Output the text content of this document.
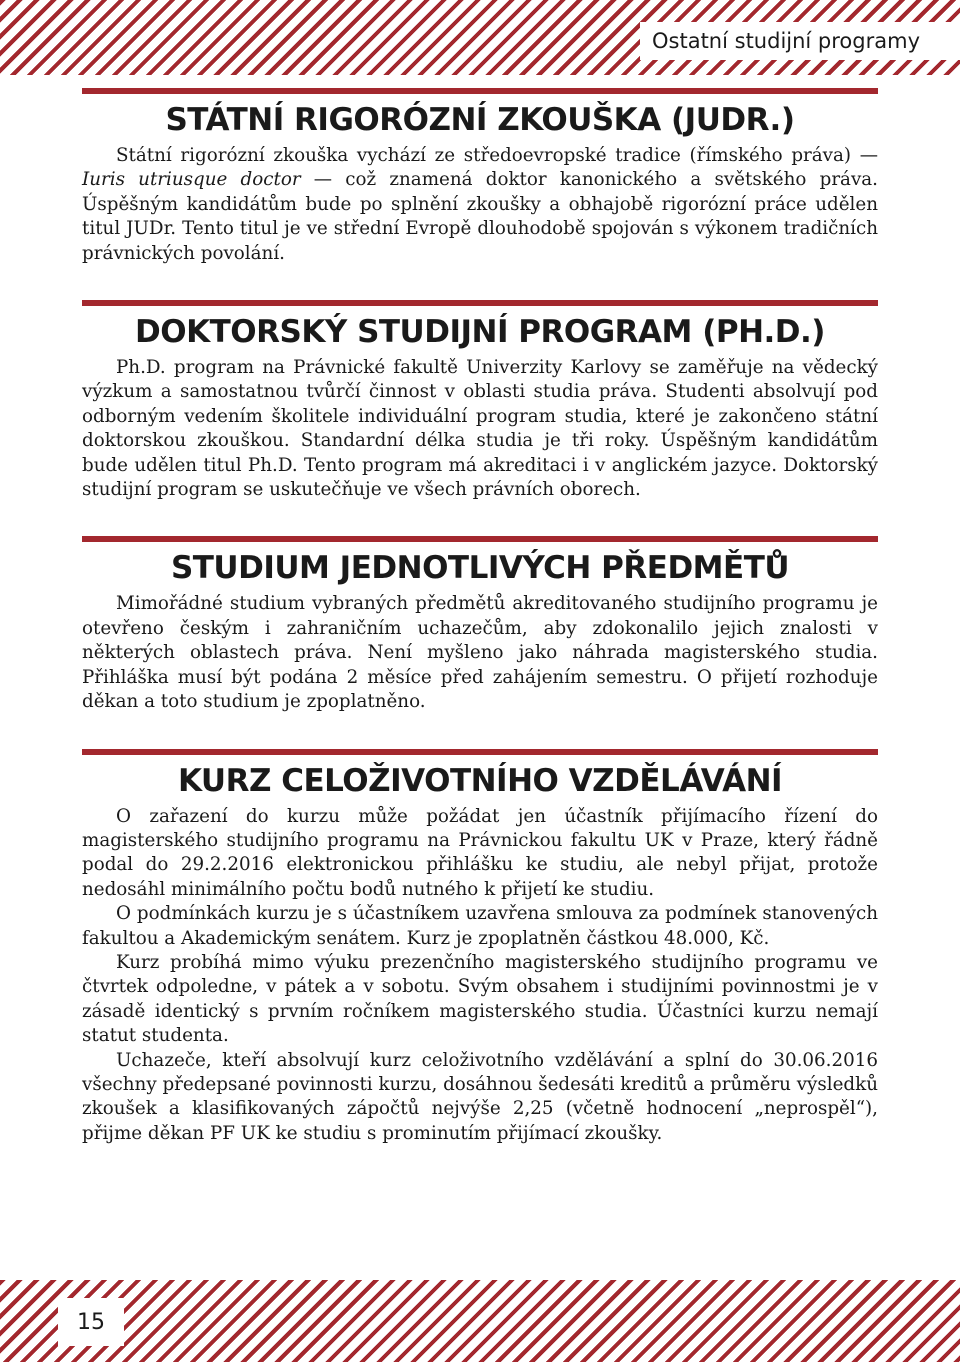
Ostatní studijní programy
STÁTNÍ RIGORÓZNÍ ZKOUŠKA (JUDR.)

Státní rigorózní zkouška vychází ze středoevropské tradice (římského práva) — Iuris utriusque doctor — což znamená doktor kanonického a světského práva. Úspěšným kandidátům bude po splnění zkoušky a obhajobě rigorózní práce udělen titul JUDr. Tento titul je ve střední Evropě dlouhodobě spojován s výkonem tradičních právnických povolání.

DOKTORSKÝ STUDIJNÍ PROGRAM (PH.D.)

Ph.D. program na Právnické fakultě Univerzity Karlovy se zaměřuje na vědecký výzkum a samostatnou tvůrčí činnost v oblasti studia práva. Studenti absolvují pod odborným vedením školitele individuální program studia, které je zakončeno státní doktorskou zkouškou. Standardní délka studia je tři roky. Úspěšným kandidátům bude udělen titul Ph.D. Tento program má akreditaci i v anglickém jazyce. Doktorský studijní program se uskutečňuje ve všech právních oborech.

STUDIUM JEDNOTLIVÝCH PŘEDMĚTŮ

Mimořádné studium vybraných předmětů akreditovaného studijního programu je otevřeno českým i zahraničním uchazečům, aby zdokonalilo jejich znalosti v některých oblastech práva. Není myšleno jako náhrada magisterského studia. Přihláška musí být podána 2 měsíce před zahájením semestru. O přijetí rozhoduje děkan a toto studium je zpoplatněno.

KURZ CELOŽIVOTNÍHO VZDĚLÁVÁNÍ

O zařazení do kurzu může požádat jen účastník přijímacího řízení do magisterského studijního programu na Právnickou fakultu UK v Praze, který řádně podal do 29.2.2016 elektronickou přihlášku ke studiu, ale nebyl přijat, protože nedosáhl minimálního počtu bodů nutného k přijetí ke studiu.

O podmínkách kurzu je s účastníkem uzavřena smlouva za podmínek stanovených fakultou a Akademickým senátem. Kurz je zpoplatněn částkou 48.000, Kč.

Kurz probíhá mimo výuku prezenčního magisterského studijního programu ve čtvrtek odpoledne, v pátek a v sobotu. Svým obsahem i studijními povinnostmi je v zásadě identický s prvním ročníkem magisterského studia. Účastníci kurzu nemají statut studenta.

Uchazeče, kteří absolvují kurz celoživotního vzdělávání a splní do 30.06.2016 všechny předepsané povinnosti kurzu, dosáhnou šedesáti kreditů a průměru výsledků zkoušek a klasifikovaných zápočtů nejvýše 2,25 (včetně hodnocení „neprospěl“), přijme děkan PF UK ke studiu s prominutím přijímací zkoušky.

15
